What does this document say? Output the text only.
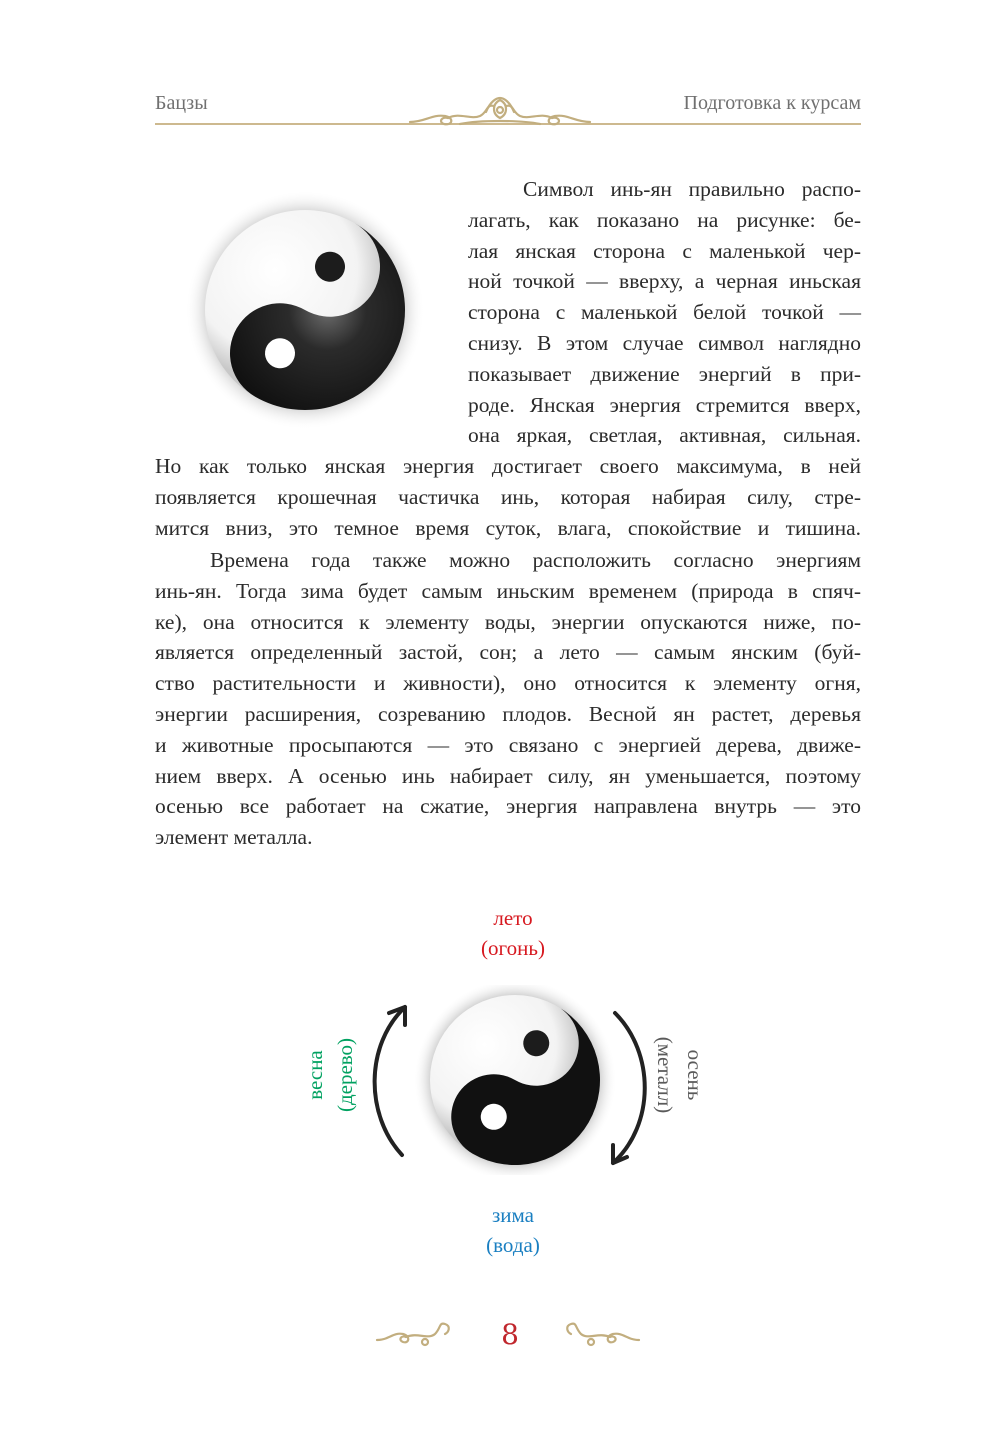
Бацзы	Подготовка к курсам
Символ инь-ян правильно распо-
лагать, как показано на рисунке: бе-
лая янская сторона с маленькой чер-
ной точкой — вверху, а черная иньская
сторона с маленькой белой точкой —
снизу. В этом случае символ наглядно
показывает движение энергий в при-
роде. Янская энергия стремится вверх,
она яркая, светлая, активная, сильная.
Но как только янская энергия достигает своего максимума, в ней
появляется крошечная частичка инь, которая набирая силу, стре-
мится вниз, это темное время суток, влага, спокойствие и тишина.
Времена года также можно расположить согласно энергиям
инь-ян. Тогда зима будет самым иньским временем (природа в спяч-
ке), она относится к элементу воды, энергии опускаются ниже, по-
является определенный застой, сон; а лето — самым янским (буй-
ство растительности и живности), оно относится к элементу огня,
энергии расширения, созреванию плодов. Весной ян растет, деревья
и животные просыпаются — это связано с энергией дерева, движе-
нием вверх. А осенью инь набирает силу, ян уменьшается, поэтому
осенью все работает на сжатие, энергия направлена внутрь — это
элемент металла.
лето
(огонь)
зима
(вода)
весна (дерево)	осень
(металл)
8
